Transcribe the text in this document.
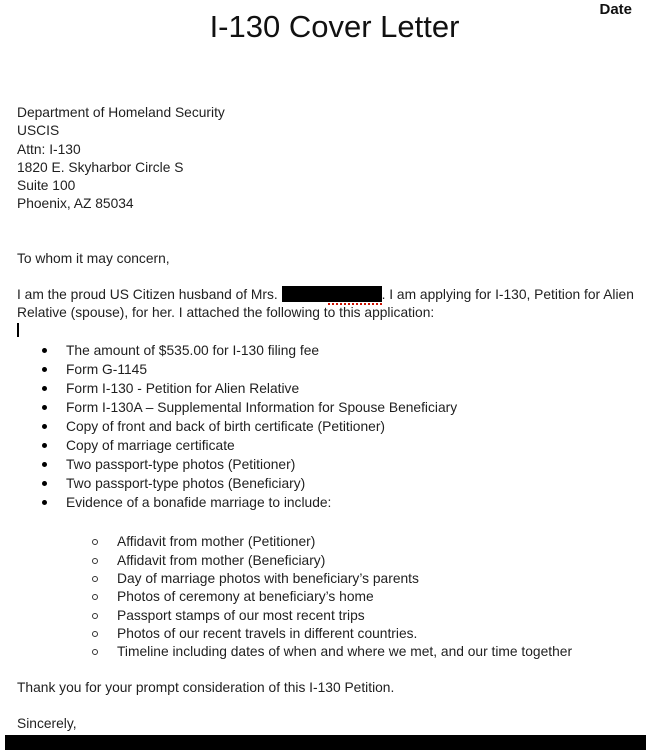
Date
I-130 Cover Letter
Department of Homeland Security
USCIS
Attn: I-130
1820 E. Skyharbor Circle S
Suite 100
Phoenix, AZ 85034
To whom it may concern,
I am the proud US Citizen husband of Mrs.	. I am applying for I-130, Petition for Alien Relative (spouse), for her. I attached the following to this application:
The amount of $535.00 for I-130 filing fee
Form G-1145
Form I-130 - Petition for Alien Relative
Form I-130A – Supplemental Information for Spouse Beneficiary
Copy of front and back of birth certificate (Petitioner)
Copy of marriage certificate
Two passport-type photos (Petitioner)
Two passport-type photos (Beneficiary)
Evidence of a bonafide marriage to include:
Affidavit from mother (Petitioner)
Affidavit from mother (Beneficiary)
Day of marriage photos with beneficiary’s parents
Photos of ceremony at beneficiary’s home
Passport stamps of our most recent trips
Photos of our recent travels in different countries.
Timeline including dates of when and where we met, and our time together
Thank you for your prompt consideration of this I-130 Petition.
Sincerely,
